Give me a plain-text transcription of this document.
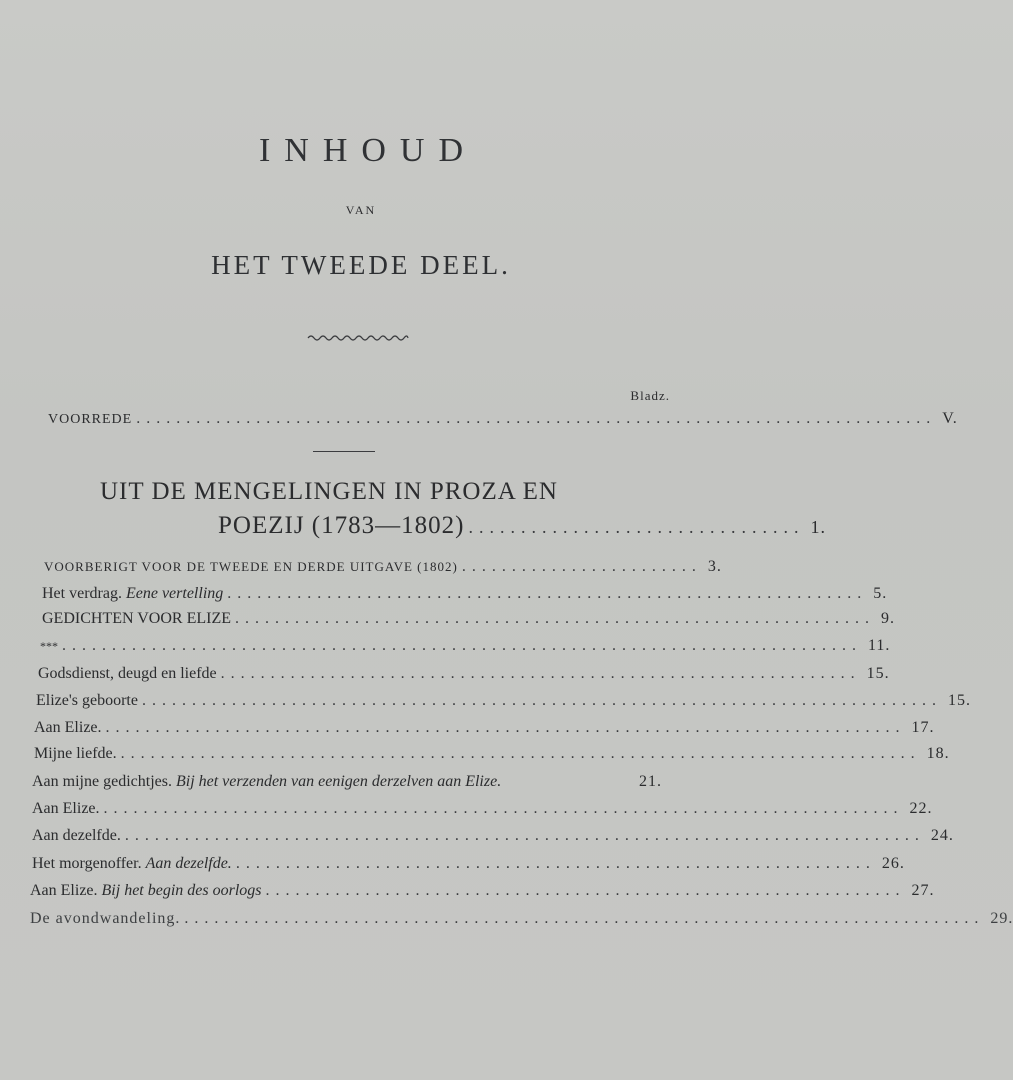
INHOUD
VAN
HET TWEEDE DEEL.
Bladz.
VOORREDE ................................................................................ V.
UIT DE MENGELINGEN IN PROZA EN
POEZIJ (1783—1802) ................................ 1.
VOORBERIGT VOOR DE TWEEDE EN DERDE UITGAVE (1802) ........................ 3.
Het verdrag. Eene vertelling ................................................................ 5.
GEDICHTEN VOOR ELIZE ................................................................ 9.
*** ................................................................................ 11.
Godsdienst, deugd en liefde ................................................................ 15.
Elize's geboorte ................................................................................ 15.
Aan Elize. ................................................................................ 17.
Mijne liefde. ................................................................................ 18.
Aan mijne gedichtjes. Bij het verzenden van eenigen derzelven aan Elize.	21.
Aan Elize. ................................................................................ 22.
Aan dezelfde. ................................................................................ 24.
Het morgenoffer. Aan dezelfde. ................................................................ 26.
Aan Elize. Bij het begin des oorlogs ................................................................ 27.
De avondwandeling. ................................................................................ 29.
